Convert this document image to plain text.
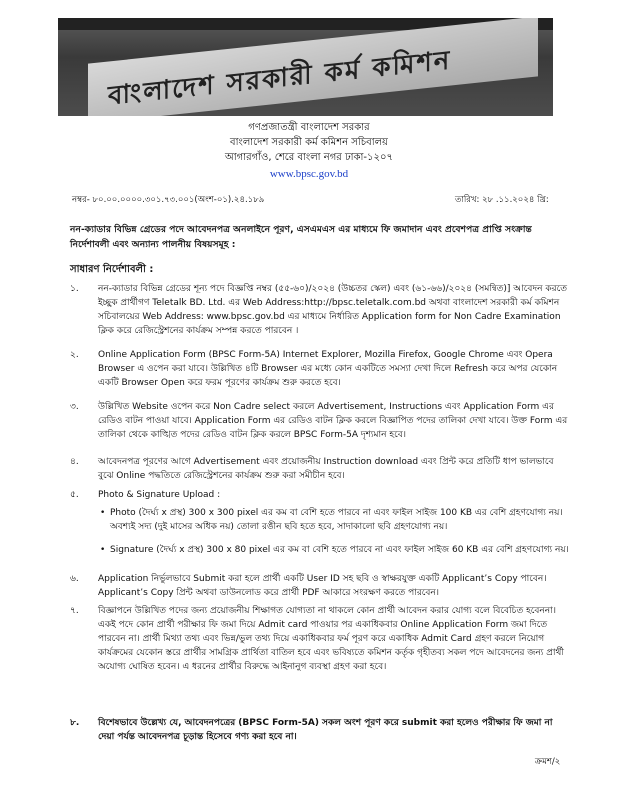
বাংলাদেশ সরকারী কর্ম কমিশন
গণপ্রজাতন্ত্রী বাংলাদেশ সরকার
বাংলাদেশ সরকারী কর্ম কমিশন সচিবালয়
আগারগাঁও, শেরে বাংলা নগর ঢাকা-১২০৭
www.bpsc.gov.bd
নম্বর- ৮০.০০.০০০০.৩০১.৭৩.০০১(অংশ-০১).২৪.১৮৯	তারিখ: ২৮ .১১.২০২৪ খ্রি:
নন-ক্যাডার বিভিন্ন গ্রেডের পদে আবেদনপত্র অনলাইনে পূরণ, এসএমএস এর মাধ্যমে ফি জমাদান এবং প্রবেশপত্র প্রাপ্তি সংক্রান্ত নির্দেশাবলী এবং অন্যান্য পালনীয় বিষয়সমূহ :
সাধারণ নির্দেশাবলী :
১.	নন-ক্যাডার বিভিন্ন গ্রেডের শূন্য পদে বিজ্ঞপ্তি নম্বর (৫৫-৬০)/২০২৪ (উচ্চতর স্কেল) এবং (৬১-৬৬)/২০২৪ (সমন্বিত)] আবেদন করতে ইচ্ছুক প্রার্থীগণ Teletalk BD. Ltd. এর Web Address:http://bpsc.teletalk.com.bd অথবা বাংলাদেশ সরকারী কর্ম কমিশন সচিবালয়ের Web Address: www.bpsc.gov.bd এর মাধ্যমে নির্ধারিত Application form for Non Cadre Examination ক্লিক করে রেজিস্ট্রেশনের কার্যক্রম সম্পন্ন করতে পারবেন ।
২.	Online Application Form (BPSC Form-5A) Internet Explorer, Mozilla Firefox, Google Chrome এবং Opera Browser এ ওপেন করা যাবে। উল্লিখিত ৪টি Browser এর মধ্যে কোন একটিতে সমস্যা দেখা দিলে Refresh করে অপর যেকোন একটি Browser Open করে ফরম পূরণের কার্যক্রম শুরু করতে হবে।
৩.	উল্লিখিত Website ওপেন করে Non Cadre select করলে Advertisement, Instructions এবং Application Form এর রেডিও বাটন পাওয়া যাবে। Application Form এর রেডিও বাটন ক্লিক করলে বিজ্ঞাপিত পদের তালিকা দেখা যাবে। উক্ত Form এর তালিকা থেকে কাঙ্খিত পদের রেডিও বাটন ক্লিক করলে BPSC Form-5A দৃশ্যমান হবে।
৪.	আবেদনপত্র পূরণের আগে Advertisement এবং প্রয়োজনীয় Instruction download এবং প্রিন্ট করে প্রতিটি ধাপ ভালভাবে বুঝে Online পদ্ধতিতে রেজিস্ট্রেশনের কার্যক্রম শুরু করা সমীচীন হবে।
৫.	Photo & Signature Upload :
• Photo (দৈর্ঘ্য x প্রস্থ) 300 x 300 pixel এর কম বা বেশি হতে পারবে না এবং ফাইল সাইজ 100 KB এর বেশি গ্রহণযোগ্য নয়। অবশ্যই সদ্য (দুই মাসের অধিক নয়) তোলা রঙীন ছবি হতে হবে, সাদাকালো ছবি গ্রহণযোগ্য নয়।
• Signature (দৈর্ঘ্য x প্রস্থ) 300 x 80 pixel এর কম বা বেশি হতে পারবে না এবং ফাইল সাইজ 60 KB এর বেশি গ্রহণযোগ্য নয়।
৬.	Application নির্ভুলভাবে Submit করা হলে প্রার্থী একটি User ID সহ ছবি ও স্বাক্ষরযুক্ত একটি Applicant’s Copy পাবেন। Applicant’s Copy প্রিন্ট অথবা ডাউনলোড করে প্রার্থী PDF আকারে সংরক্ষণ করতে পারবেন।
৭.	বিজ্ঞাপনে উল্লিখিত পদের জন্য প্রয়োজনীয় শিক্ষাগত যোগ্যতা না থাকলে কোন প্রার্থী আবেদন করার যোগ্য বলে বিবেচিত হবেননা। একই পদে কোন প্রার্থী পরীক্ষার ফি জমা দিয়ে Admit card পাওয়ার পর একাধিকবার Online Application Form জমা দিতে পারবেন না। প্রার্থী মিথ্যা তথ্য এবং ভিন্ন/ভুল তথ্য দিয়ে একাধিকবার ফর্ম পূরণ করে একাধিক Admit Card গ্রহণ করলে নিয়োগ কার্যক্রমের যেকোন স্তরে প্রার্থীর সামগ্রিক প্রার্থিতা বাতিল হবে এবং ভবিষ্যতে কমিশন কর্তৃক গৃহীতব্য সকল পদে আবেদনের জন্য প্রার্থী অযোগ্য ঘোষিত হবেন। এ ধরনের প্রার্থীর বিরুদ্ধে আইনানুগ ব্যবস্থা গ্রহণ করা হবে।
৮.	বিশেষভাবে উল্লেখ্য যে, আবেদনপত্রের (BPSC Form-5A) সকল অংশ পূরণ করে submit করা হলেও পরীক্ষার ফি জমা না দেয়া পর্যন্ত আবেদনপত্র চূড়ান্ত হিসেবে গণ্য করা হবে না।
ক্রমশ/২
